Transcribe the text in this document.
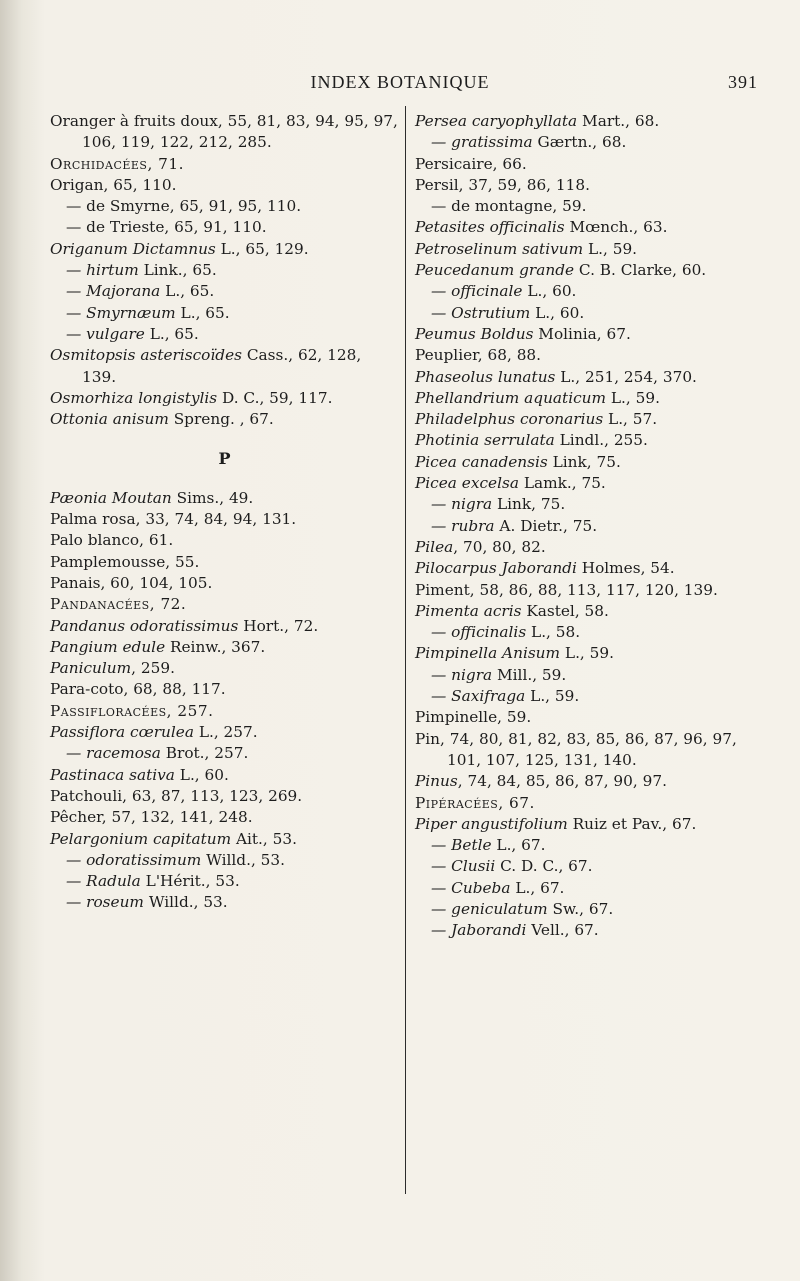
INDEX BOTANIQUE	391
Oranger à fruits doux, 55, 81, 83, 94, 95, 97, 106, 119, 122, 212, 285.
Orchidacées, 71.
Origan, 65, 110.
— de Smyrne, 65, 91, 95, 110.
— de Trieste, 65, 91, 110.
Origanum Dictamnus L., 65, 129.
— hirtum Link., 65.
— Majorana L., 65.
— Smyrnæum L., 65.
— vulgare L., 65.
Osmitopsis asteriscoïdes Cass., 62, 128, 139.
Osmorhiza longistylis D. C., 59, 117.
Ottonia anisum Spreng. , 67.
P
Pæonia Moutan Sims., 49.
Palma rosa, 33, 74, 84, 94, 131.
Palo blanco, 61.
Pamplemousse, 55.
Panais, 60, 104, 105.
Pandanacées, 72.
Pandanus odoratissimus Hort., 72.
Pangium edule Reinw., 367.
Paniculum, 259.
Para-coto, 68, 88, 117.
Passifloracées, 257.
Passiflora cœrulea L., 257.
— racemosa Brot., 257.
Pastinaca sativa L., 60.
Patchouli, 63, 87, 113, 123, 269.
Pêcher, 57, 132, 141, 248.
Pelargonium capitatum Ait., 53.
— odoratissimum Willd., 53.
— Radula L'Hérit., 53.
— roseum Willd., 53.
Persea caryophyllata Mart., 68.
— gratissima Gærtn., 68.
Persicaire, 66.
Persil, 37, 59, 86, 118.
— de montagne, 59.
Petasites officinalis Mœnch., 63.
Petroselinum sativum L., 59.
Peucedanum grande C. B. Clarke, 60.
— officinale L., 60.
— Ostrutium L., 60.
Peumus Boldus Molinia, 67.
Peuplier, 68, 88.
Phaseolus lunatus L., 251, 254, 370.
Phellandrium aquaticum L., 59.
Philadelphus coronarius L., 57.
Photinia serrulata Lindl., 255.
Picea canadensis Link, 75.
Picea excelsa Lamk., 75.
— nigra Link, 75.
— rubra A. Dietr., 75.
Pilea, 70, 80, 82.
Pilocarpus Jaborandi Holmes, 54.
Piment, 58, 86, 88, 113, 117, 120, 139.
Pimenta acris Kastel, 58.
— officinalis L., 58.
Pimpinella Anisum L., 59.
— nigra Mill., 59.
— Saxifraga L., 59.
Pimpinelle, 59.
Pin, 74, 80, 81, 82, 83, 85, 86, 87, 96, 97, 101, 107, 125, 131, 140.
Pinus, 74, 84, 85, 86, 87, 90, 97.
Pipéracées, 67.
Piper angustifolium Ruiz et Pav., 67.
— Betle L., 67.
— Clusii C. D. C., 67.
— Cubeba L., 67.
— geniculatum Sw., 67.
— Jaborandi Vell., 67.
